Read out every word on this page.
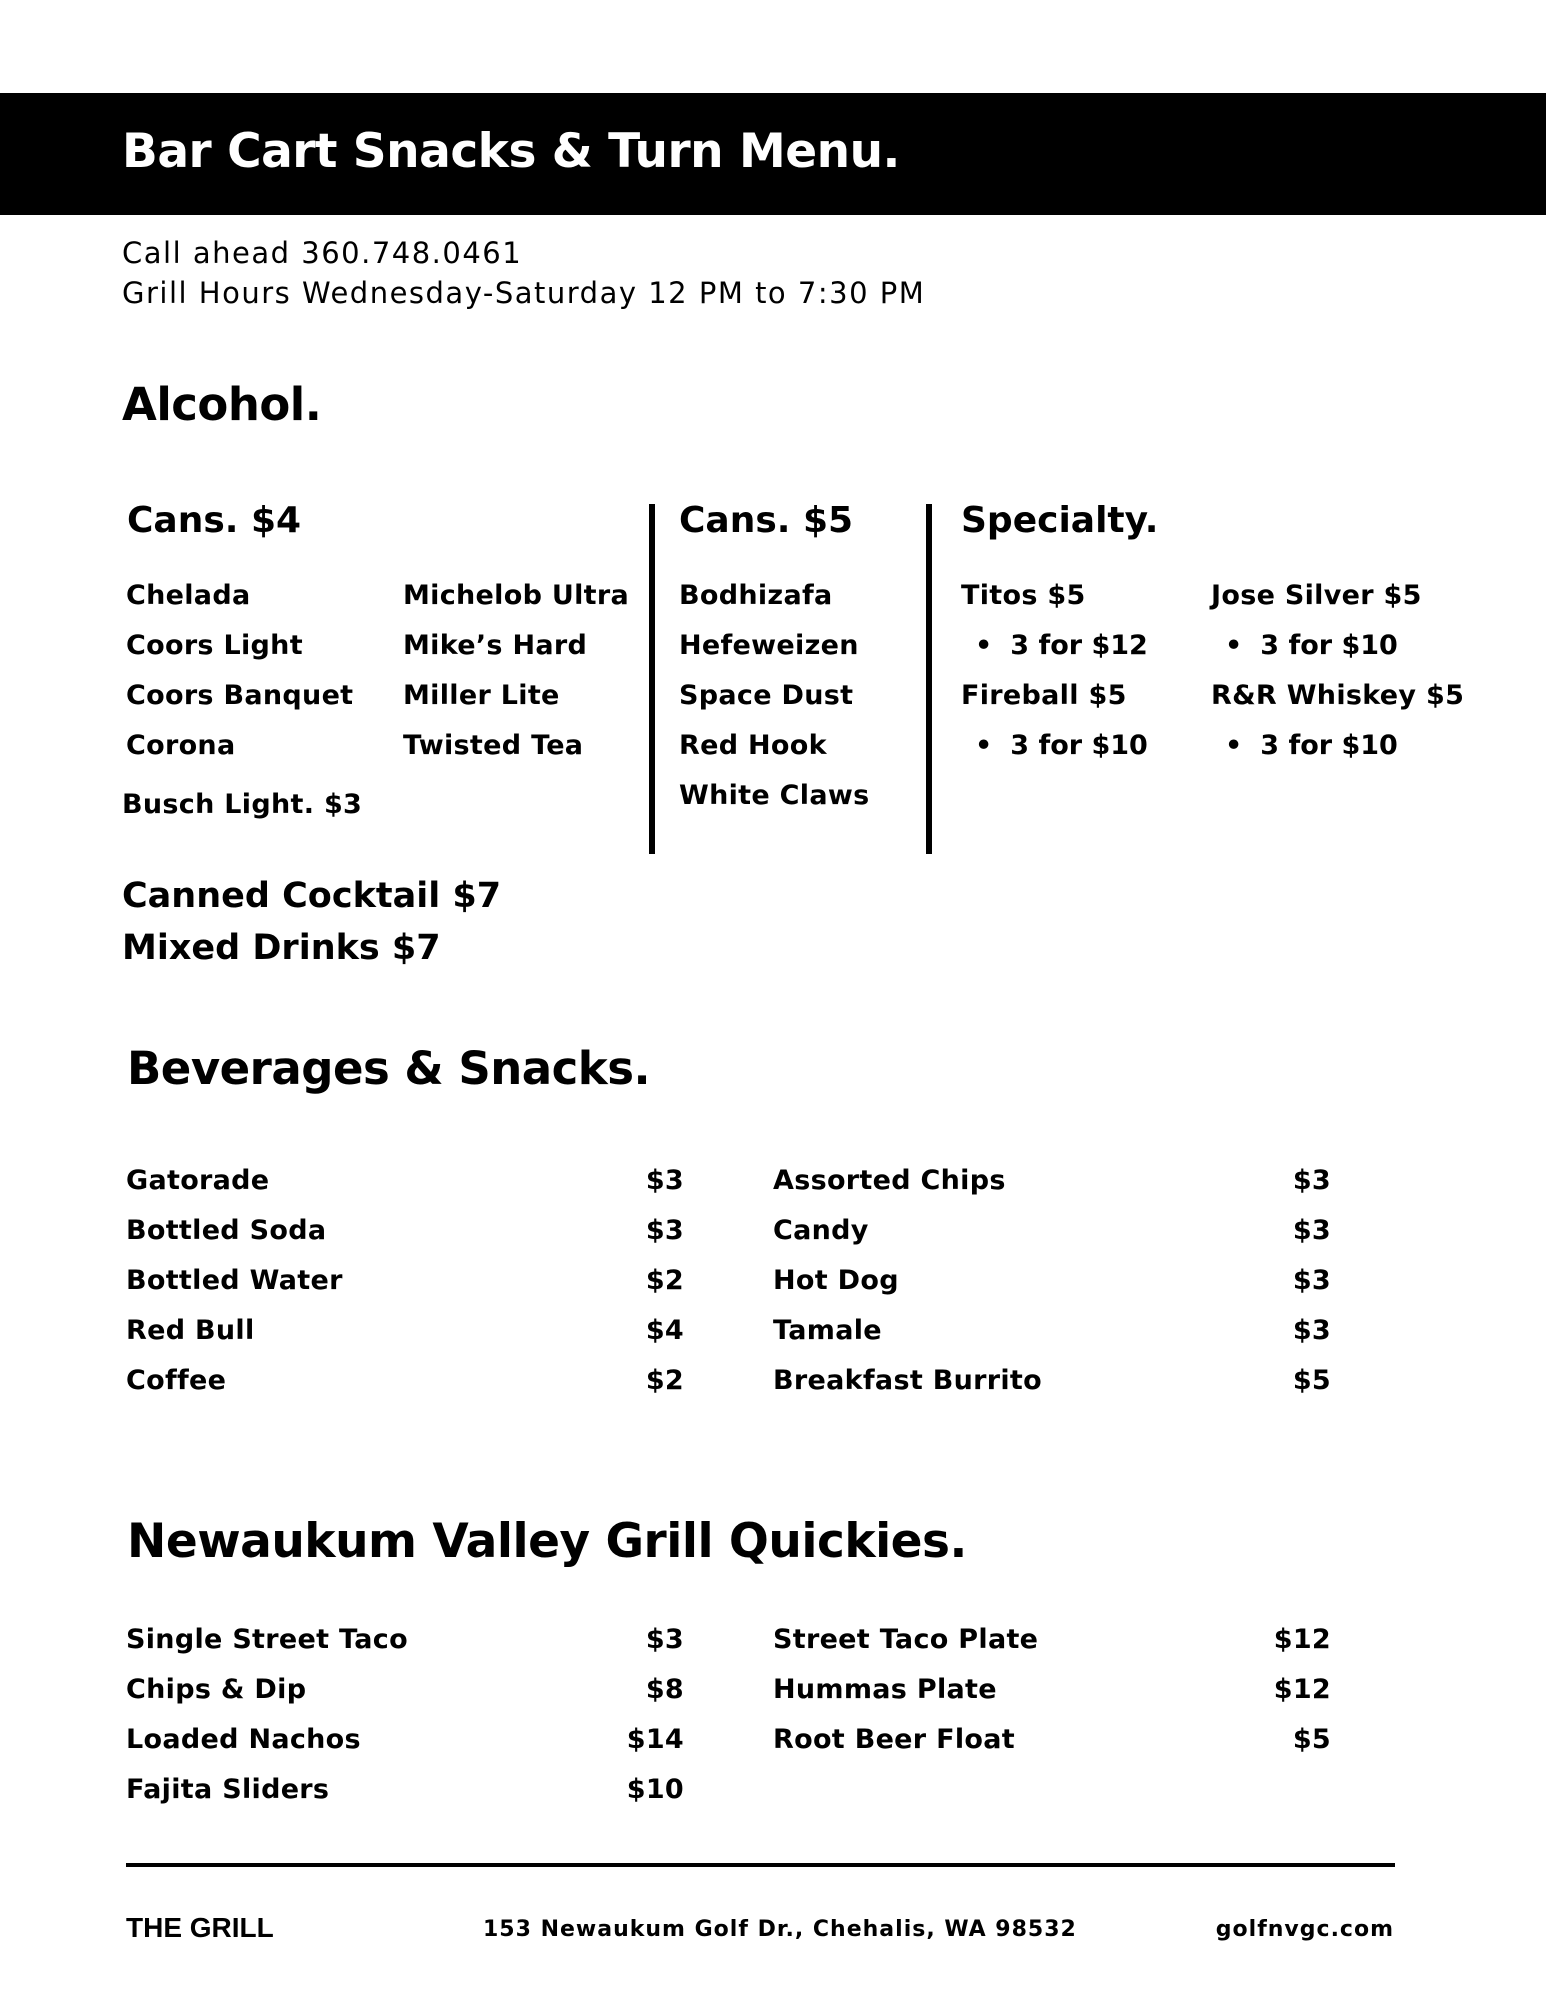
Bar Cart Snacks & Turn Menu.
Call ahead 360.748.0461
Grill Hours Wednesday-Saturday 12 PM to 7:30 PM
Alcohol.
Cans. $4
Chelada
Coors Light
Coors Banquet
Corona
Michelob Ultra
Mike’s Hard
Miller Lite
Twisted Tea
Busch Light. $3
Cans. $5
Bodhizafa
Hefeweizen
Space Dust
Red Hook
White Claws
Specialty.
Titos $5
• 3 for $12
Fireball $5
• 3 for $10
Jose Silver $5
• 3 for $10
R&R Whiskey $5
• 3 for $10
Canned Cocktail $7
Mixed Drinks $7
Beverages & Snacks.
Gatorade
Bottled Soda
Bottled Water
Red Bull
Coffee
$3
$3
$2
$4
$2
Assorted Chips
Candy
Hot Dog
Tamale
Breakfast Burrito
$3
$3
$3
$3
$5
Newaukum Valley Grill Quickies.
Single Street Taco
Chips & Dip
Loaded Nachos
Fajita Sliders
$3
$8
$14
$10
Street Taco Plate
Hummas Plate
Root Beer Float
$12
$12
$5
THE GRILL	153 Newaukum Golf Dr., Chehalis, WA 98532	golfnvgc.com
